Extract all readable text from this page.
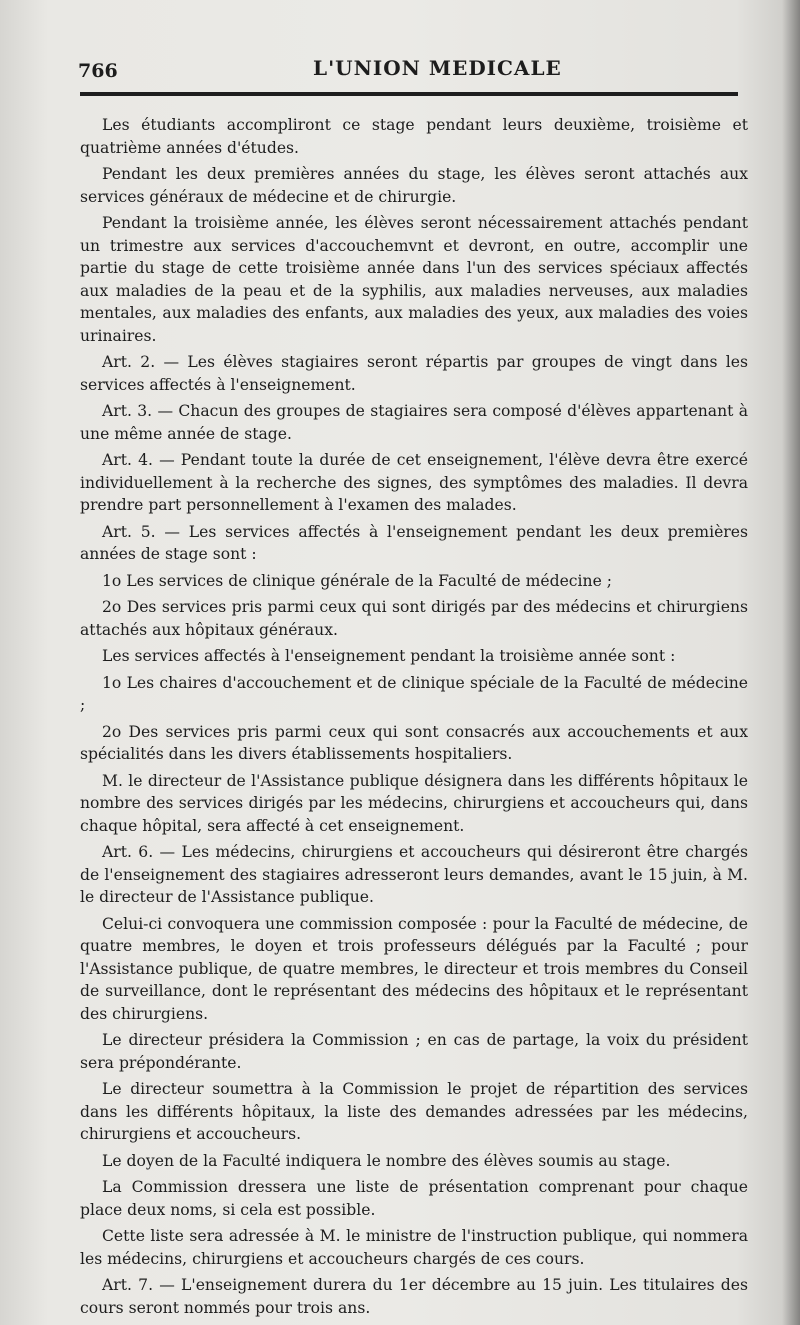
766	L'UNION MEDICALE

Les étudiants accompliront ce stage pendant leurs deuxième, troisième et quatrième années d'études.

Pendant les deux premières années du stage, les élèves seront attachés aux services généraux de médecine et de chirurgie.

Pendant la troisième année, les élèves seront nécessairement attachés pendant un trimestre aux services d'accouchemvnt et devront, en outre, accomplir une partie du stage de cette troisième année dans l'un des services spéciaux affectés aux maladies de la peau et de la syphilis, aux maladies nerveuses, aux maladies mentales, aux maladies des enfants, aux maladies des yeux, aux maladies des voies urinaires.

Art. 2. — Les élèves stagiaires seront répartis par groupes de vingt dans les services affectés à l'enseignement.

Art. 3. — Chacun des groupes de stagiaires sera composé d'élèves appartenant à une même année de stage.

Art. 4. — Pendant toute la durée de cet enseignement, l'élève devra être exercé individuellement à la recherche des signes, des symptômes des maladies. Il devra prendre part personnellement à l'examen des malades.

Art. 5. — Les services affectés à l'enseignement pendant les deux premières années de stage sont :

1o Les services de clinique générale de la Faculté de médecine ;

2o Des services pris parmi ceux qui sont dirigés par des médecins et chirurgiens attachés aux hôpitaux généraux.

Les services affectés à l'enseignement pendant la troisième année sont :

1o Les chaires d'accouchement et de clinique spéciale de la Faculté de médecine ;

2o Des services pris parmi ceux qui sont consacrés aux accouchements et aux spécialités dans les divers établissements hospitaliers.

M. le directeur de l'Assistance publique désignera dans les différents hôpitaux le nombre des services dirigés par les médecins, chirurgiens et accoucheurs qui, dans chaque hôpital, sera affecté à cet enseignement.

Art. 6. — Les médecins, chirurgiens et accoucheurs qui désireront être chargés de l'enseignement des stagiaires adresseront leurs demandes, avant le 15 juin, à M. le directeur de l'Assistance publique.

Celui-ci convoquera une commission composée : pour la Faculté de médecine, de quatre membres, le doyen et trois professeurs délégués par la Faculté ; pour l'Assistance publique, de quatre membres, le directeur et trois membres du Conseil de surveillance, dont le représentant des médecins des hôpitaux et le représentant des chirurgiens.

Le directeur présidera la Commission ; en cas de partage, la voix du président sera prépondérante.

Le directeur soumettra à la Commission le projet de répartition des services dans les différents hôpitaux, la liste des demandes adressées par les médecins, chirurgiens et accoucheurs.

Le doyen de la Faculté indiquera le nombre des élèves soumis au stage.

La Commission dressera une liste de présentation comprenant pour chaque place deux noms, si cela est possible.

Cette liste sera adressée à M. le ministre de l'instruction publique, qui nommera les médecins, chirurgiens et accoucheurs chargés de ces cours.

Art. 7. — L'enseignement durera du 1er décembre au 15 juin. Les titulaires des cours seront nommés pour trois ans.
